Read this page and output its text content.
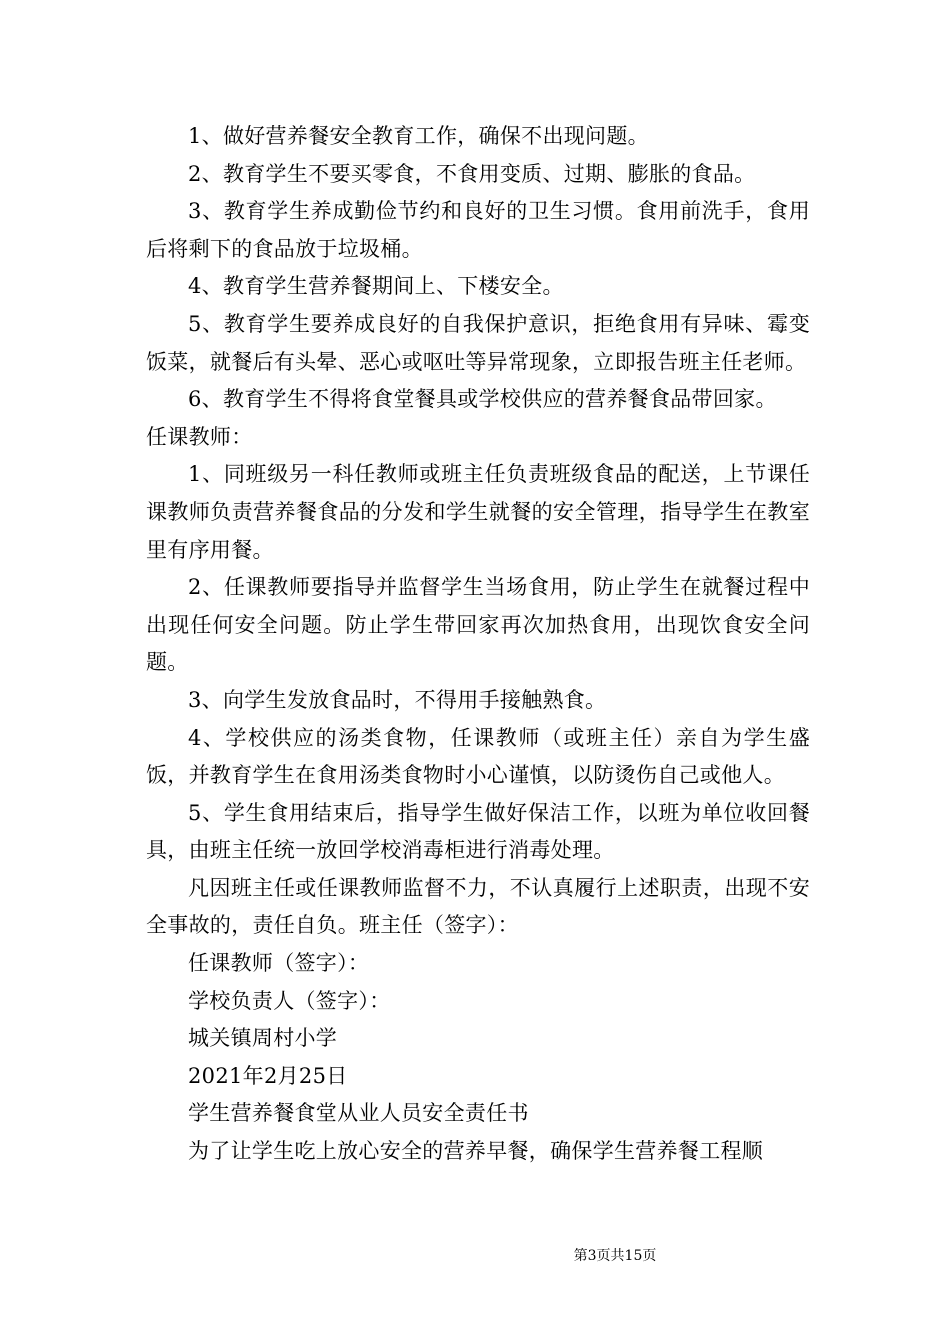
1、做好营养餐安全教育工作，确保不出现问题。

2、教育学生不要买零食，不食用变质、过期、膨胀的食品。

3、教育学生养成勤俭节约和良好的卫生习惯。食用前洗手，食用后将剩下的食品放于垃圾桶。

4、教育学生营养餐期间上、下楼安全。

5、教育学生要养成良好的自我保护意识，拒绝食用有异味、霉变饭菜，就餐后有头晕、恶心或呕吐等异常现象，立即报告班主任老师。

6、教育学生不得将食堂餐具或学校供应的营养餐食品带回家。

任课教师：

1、同班级另一科任教师或班主任负责班级食品的配送，上节课任课教师负责营养餐食品的分发和学生就餐的安全管理，指导学生在教室里有序用餐。

2、任课教师要指导并监督学生当场食用，防止学生在就餐过程中出现任何安全问题。防止学生带回家再次加热食用，出现饮食安全问题。

3、向学生发放食品时，不得用手接触熟食。

4、学校供应的汤类食物，任课教师（或班主任）亲自为学生盛饭，并教育学生在食用汤类食物时小心谨慎，以防烫伤自己或他人。

5、学生食用结束后，指导学生做好保洁工作，以班为单位收回餐具，由班主任统一放回学校消毒柜进行消毒处理。

凡因班主任或任课教师监督不力，不认真履行上述职责，出现不安全事故的，责任自负。班主任（签字）：

任课教师（签字）：

学校负责人（签字）：

城关镇周村小学

2021年2月25日

学生营养餐食堂从业人员安全责任书

为了让学生吃上放心安全的营养早餐，确保学生营养餐工程顺

第3页共15页
